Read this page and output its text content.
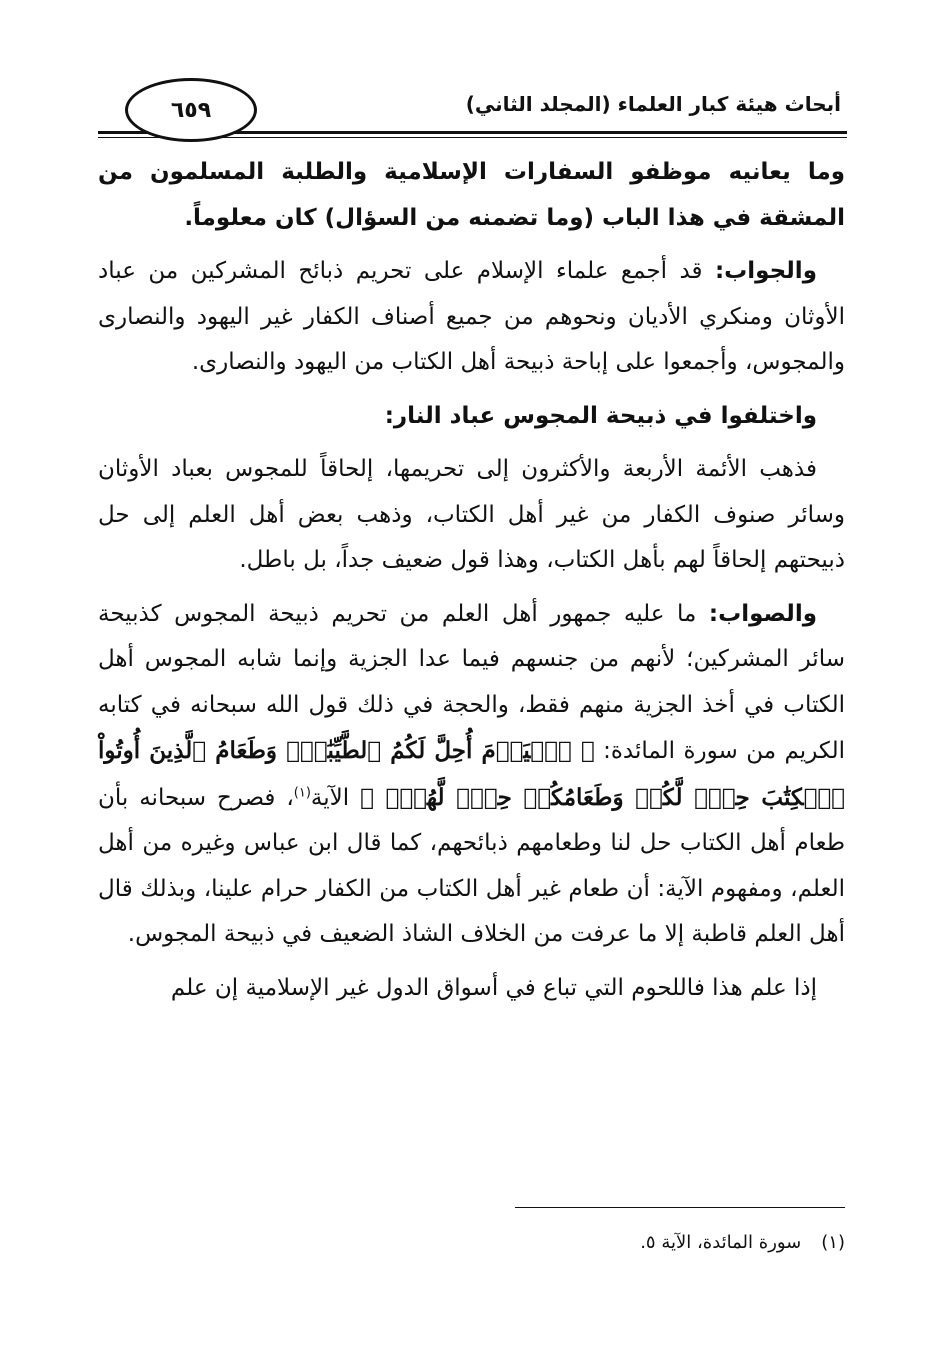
٦٥٩	أبحاث هيئة كبار العلماء (المجلد الثاني)

وما يعانيه موظفو السفارات الإسلامية والطلبة المسلمون من المشقة في هذا الباب (وما تضمنه من السؤال) كان معلوماً.

والجواب: قد أجمع علماء الإسلام على تحريم ذبائح المشركين من عباد الأوثان ومنكري الأديان ونحوهم من جميع أصناف الكفار غير اليهود والنصارى والمجوس، وأجمعوا على إباحة ذبيحة أهل الكتاب من اليهود والنصارى.

واختلفوا في ذبيحة المجوس عباد النار:

فذهب الأئمة الأربعة والأكثرون إلى تحريمها، إلحاقاً للمجوس بعباد الأوثان وسائر صنوف الكفار من غير أهل الكتاب، وذهب بعض أهل العلم إلى حل ذبيحتهم إلحاقاً لهم بأهل الكتاب، وهذا قول ضعيف جداً، بل باطل.

والصواب: ما عليه جمهور أهل العلم من تحريم ذبيحة المجوس كذبيحة سائر المشركين؛ لأنهم من جنسهم فيما عدا الجزية وإنما شابه المجوس أهل الكتاب في أخذ الجزية منهم فقط، والحجة في ذلك قول الله سبحانه في كتابه الكريم من سورة المائدة: ﴿ ٱلۡيَوۡمَ أُحِلَّ لَكُمُ ٱلطَّيِّبَٰتُۖ وَطَعَامُ ٱلَّذِينَ أُوتُواْ ٱلۡكِتَٰبَ حِلّٞ لَّكُمۡ وَطَعَامُكُمۡ حِلّٞ لَّهُمۡۖ ﴾ الآية$^{(١)}$، فصرح سبحانه بأن طعام أهل الكتاب حل لنا وطعامهم ذبائحهم، كما قال ابن عباس وغيره من أهل العلم، ومفهوم الآية: أن طعام غير أهل الكتاب من الكفار حرام علينا، وبذلك قال أهل العلم قاطبة إلا ما عرفت من الخلاف الشاذ الضعيف في ذبيحة المجوس.

إذا علم هذا فاللحوم التي تباع في أسواق الدول غير الإسلامية إن علم

(١)سورة المائدة، الآية ٥.
